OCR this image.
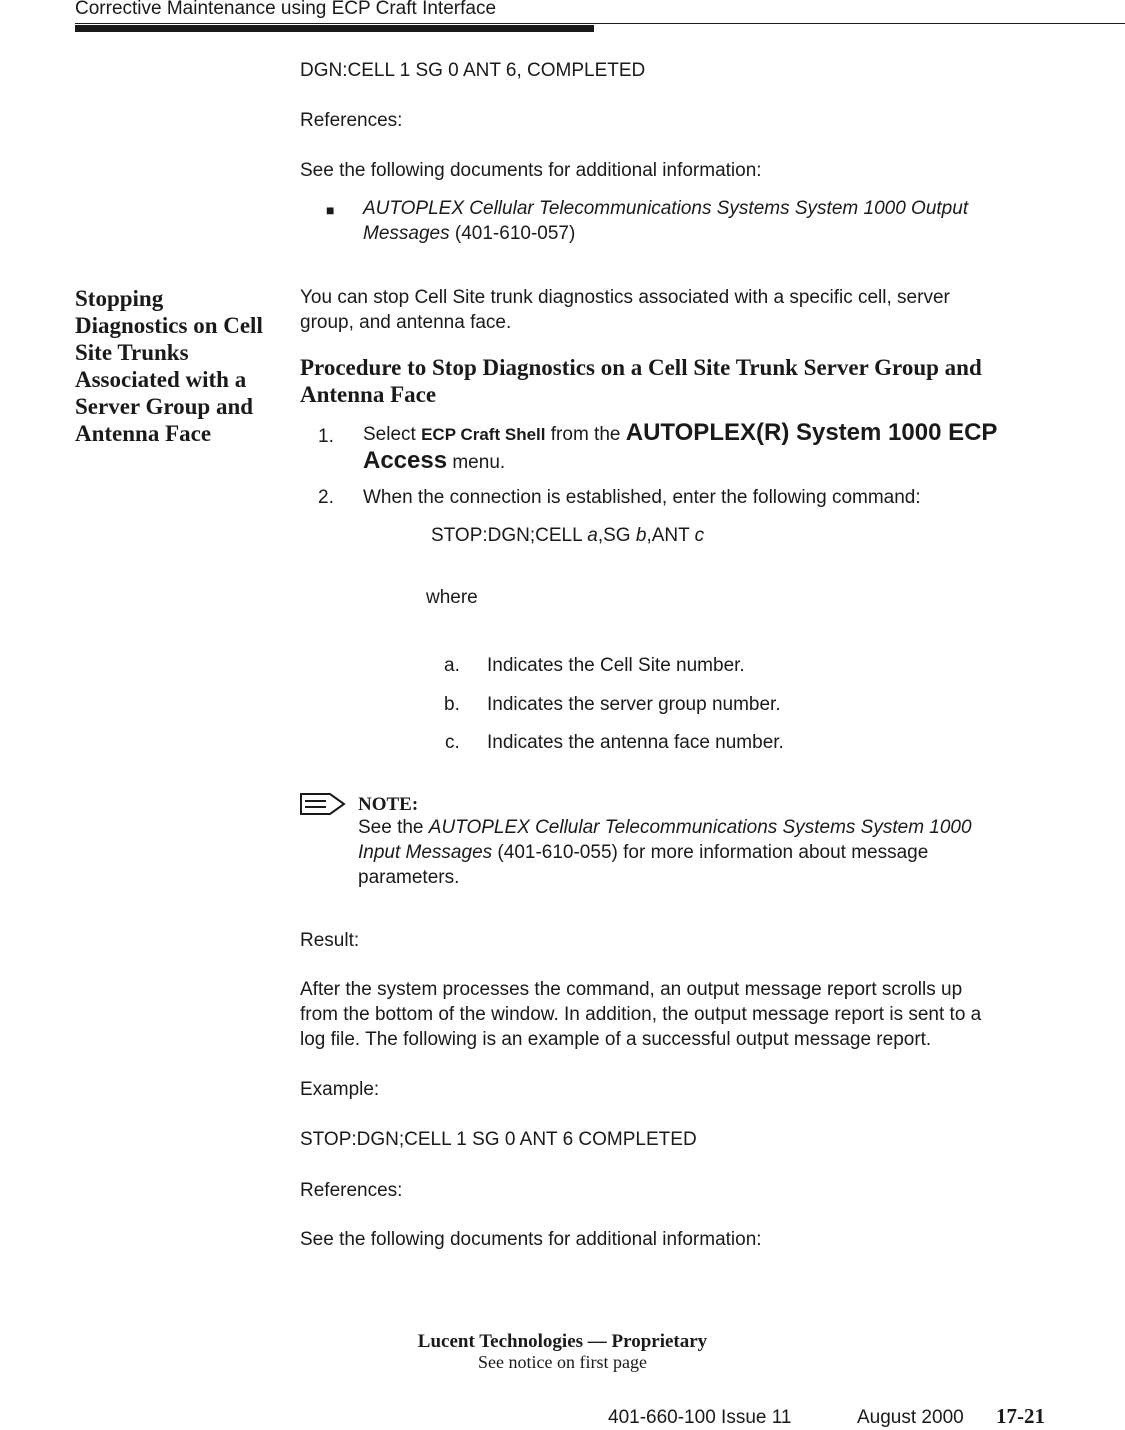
Corrective Maintenance using ECP Craft Interface
DGN:CELL 1 SG 0 ANT 6, COMPLETED
References:
See the following documents for additional information:
■ AUTOPLEX Cellular Telecommunications Systems System 1000 Output
Messages (401-610-057)
Stopping Diagnostics on Cell Site Trunks Associated with a Server Group and Antenna Face
You can stop Cell Site trunk diagnostics associated with a specific cell, server
group, and antenna face.
Procedure to Stop Diagnostics on a Cell Site Trunk Server Group and Antenna Face
1.	Select ECP Craft Shell from the AUTOPLEX(R) System 1000 ECP
Access menu.
2.	When the connection is established, enter the following command:
STOP:DGN;CELL a,SG b,ANT c
where
a. Indicates the Cell Site number.
b. Indicates the server group number.
c. Indicates the antenna face number.
NOTE:
See the AUTOPLEX Cellular Telecommunications Systems System 1000
Input Messages (401-610-055) for more information about message
parameters.
Result:
After the system processes the command, an output message report scrolls up
from the bottom of the window. In addition, the output message report is sent to a
log file. The following is an example of a successful output message report.
Example:
STOP:DGN;CELL 1 SG 0 ANT 6 COMPLETED
References:
See the following documents for additional information:
Lucent Technologies — Proprietary
See notice on first page
401-660-100 Issue 11	August 2000 17-21
